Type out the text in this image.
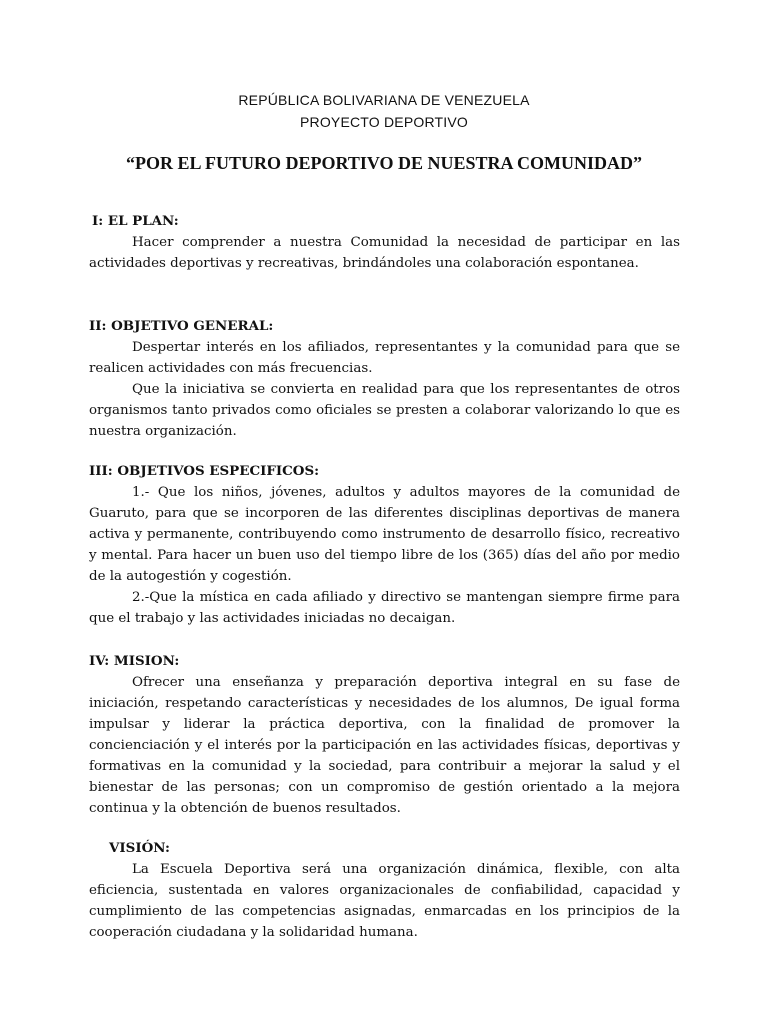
REPÚBLICA BOLIVARIANA DE VENEZUELA
PROYECTO DEPORTIVO
“POR EL FUTURO DEPORTIVO DE NUESTRA COMUNIDAD”

I: EL PLAN:

Hacer comprender a nuestra Comunidad la necesidad de participar en las actividades deportivas y recreativas, brindándoles una colaboración espontanea.

II: OBJETIVO GENERAL:

Despertar interés en los afiliados, representantes y la comunidad para que se realicen actividades con más frecuencias.

Que la iniciativa se convierta en realidad para que los representantes de otros organismos tanto privados como oficiales se presten a colaborar valorizando lo que es nuestra organización.

III: OBJETIVOS ESPECIFICOS:

1.- Que los niños, jóvenes, adultos y adultos mayores de la comunidad de Guaruto, para que se incorporen de las diferentes disciplinas deportivas de manera activa y permanente, contribuyendo como instrumento de desarrollo físico, recreativo y mental. Para hacer un buen uso del tiempo libre de los (365) días del año por medio de la autogestión y cogestión.

2.-Que la mística en cada afiliado y directivo se mantengan siempre firme para que el trabajo y las actividades iniciadas no decaigan.

IV: MISION:

Ofrecer una enseñanza y preparación deportiva integral en su fase de iniciación, respetando características y necesidades de los alumnos, De igual forma impulsar y liderar la práctica deportiva, con la finalidad de promover la concienciación y el interés por la participación en las actividades físicas, deportivas y formativas en la comunidad y la sociedad, para contribuir a mejorar la salud y el bienestar de las personas; con un compromiso de gestión orientado a la mejora continua y la obtención de buenos resultados.

VISIÓN:

La Escuela Deportiva será una organización dinámica, flexible, con alta eficiencia, sustentada en valores organizacionales de confiabilidad, capacidad y cumplimiento de las competencias asignadas, enmarcadas en los principios de la cooperación ciudadana y la solidaridad humana.
